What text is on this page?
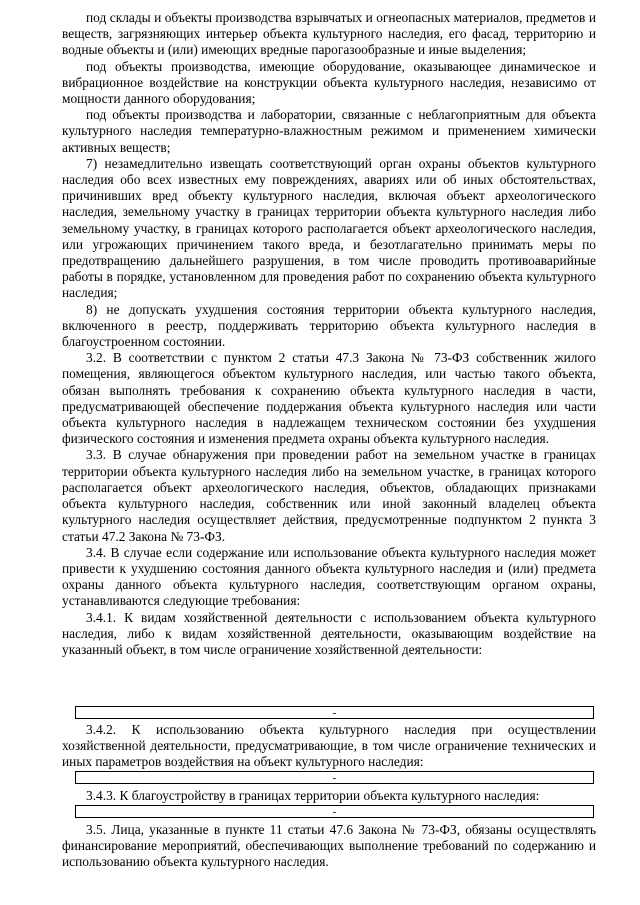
под склады и объекты производства взрывчатых и огнеопасных материалов, предметов и веществ, загрязняющих интерьер объекта культурного наследия, его фасад, территорию и водные объекты и (или) имеющих вредные парогазообразные и иные выделения;

под объекты производства, имеющие оборудование, оказывающее динамическое и вибрационное воздействие на конструкции объекта культурного наследия, независимо от мощности данного оборудования;

под объекты производства и лаборатории, связанные с неблагоприятным для объекта культурного наследия температурно-влажностным режимом и применением химически активных веществ;

7) незамедлительно извещать соответствующий орган охраны объектов культурного наследия обо всех известных ему повреждениях, авариях или об иных обстоятельствах, причинивших вред объекту культурного наследия, включая объект археологического наследия, земельному участку в границах территории объекта культурного наследия либо земельному участку, в границах которого располагается объект археологического наследия, или угрожающих причинением такого вреда, и безотлагательно принимать меры по предотвращению дальнейшего разрушения, в том числе проводить противоаварийные работы в порядке, установленном для проведения работ по сохранению объекта культурного наследия;

8) не допускать ухудшения состояния территории объекта культурного наследия, включенного в реестр, поддерживать территорию объекта культурного наследия в благоустроенном состоянии.

3.2. В соответствии с пунктом 2 статьи 47.3 Закона № 73-ФЗ собственник жилого помещения, являющегося объектом культурного наследия, или частью такого объекта, обязан выполнять требования к сохранению объекта культурного наследия в части, предусматривающей обеспечение поддержания объекта культурного наследия или части объекта культурного наследия в надлежащем техническом состоянии без ухудшения физического состояния и изменения предмета охраны объекта культурного наследия.

3.3. В случае обнаружения при проведении работ на земельном участке в границах территории объекта культурного наследия либо на земельном участке, в границах которого располагается объект археологического наследия, объектов, обладающих признаками объекта культурного наследия, собственник или иной законный владелец объекта культурного наследия осуществляет действия, предусмотренные подпунктом 2 пункта 3 статьи 47.2 Закона № 73-ФЗ.

3.4. В случае если содержание или использование объекта культурного наследия может привести к ухудшению состояния данного объекта культурного наследия и (или) предмета охраны данного объекта культурного наследия, соответствующим органом охраны, устанавливаются следующие требования:

3.4.1. К видам хозяйственной деятельности с использованием объекта культурного наследия, либо к видам хозяйственной деятельности, оказывающим воздействие на указанный объект, в том числе ограничение хозяйственной деятельности:

-

3.4.2. К использованию объекта культурного наследия при осуществлении хозяйственной деятельности, предусматривающие, в том числе ограничение технических и иных параметров воздействия на объект культурного наследия:

-

3.4.3. К благоустройству в границах территории объекта культурного наследия:

-

3.5. Лица, указанные в пункте 11 статьи 47.6 Закона № 73-ФЗ, обязаны осуществлять финансирование мероприятий, обеспечивающих выполнение требований по содержанию и использованию объекта культурного наследия.
